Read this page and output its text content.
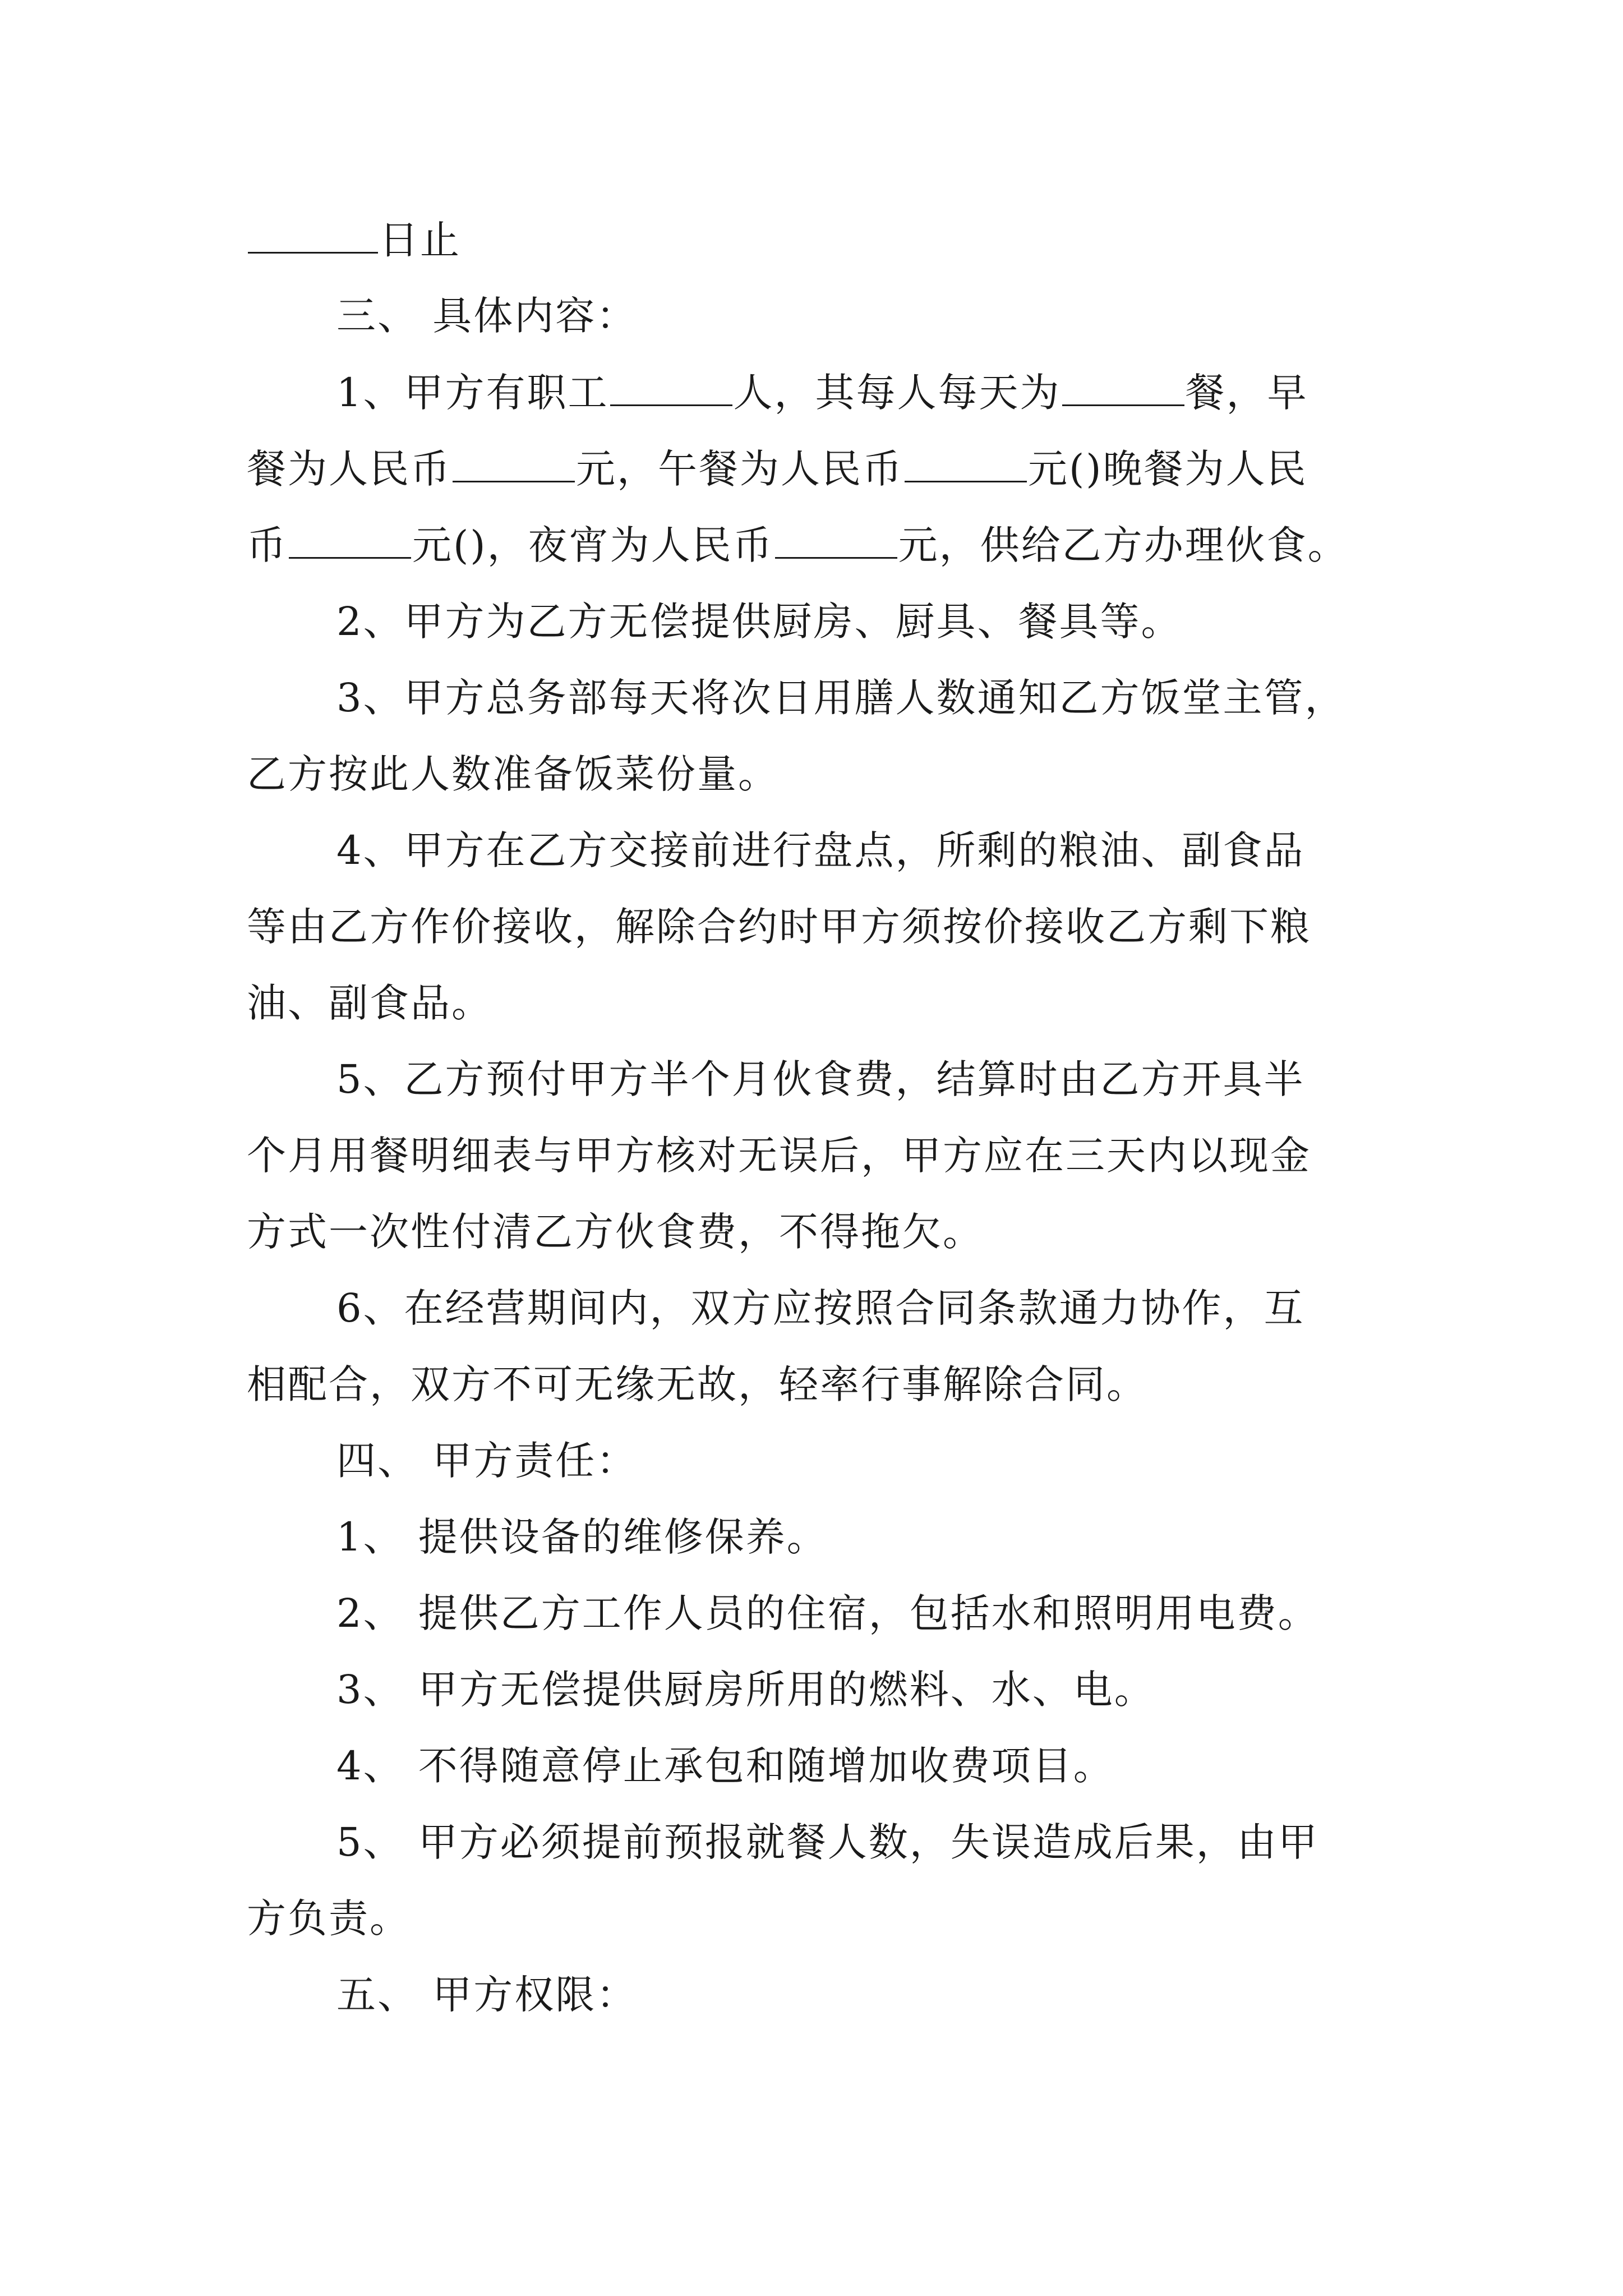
日止
三、 具体内容：
1、甲方有职工	人，其每人每天为	餐，早
餐为人民币	元，午餐为人民币	元()晚餐为人民
币	元()，夜宵为人民币	元，供给乙方办理伙食。
2、甲方为乙方无偿提供厨房、厨具、餐具等。
3、甲方总务部每天将次日用膳人数通知乙方饭堂主管，
乙方按此人数准备饭菜份量。
4、甲方在乙方交接前进行盘点，所剩的粮油、副食品
等由乙方作价接收，解除合约时甲方须按价接收乙方剩下粮
油、副食品。
5、乙方预付甲方半个月伙食费，结算时由乙方开具半
个月用餐明细表与甲方核对无误后，甲方应在三天内以现金
方式一次性付清乙方伙食费，不得拖欠。
6、在经营期间内，双方应按照合同条款通力协作，互
相配合，双方不可无缘无故，轻率行事解除合同。
四、 甲方责任：
1、 提供设备的维修保养。
2、 提供乙方工作人员的住宿，包括水和照明用电费。
3、 甲方无偿提供厨房所用的燃料、水、电。
4、 不得随意停止承包和随增加收费项目。
5、 甲方必须提前预报就餐人数，失误造成后果，由甲
方负责。
五、 甲方权限：
